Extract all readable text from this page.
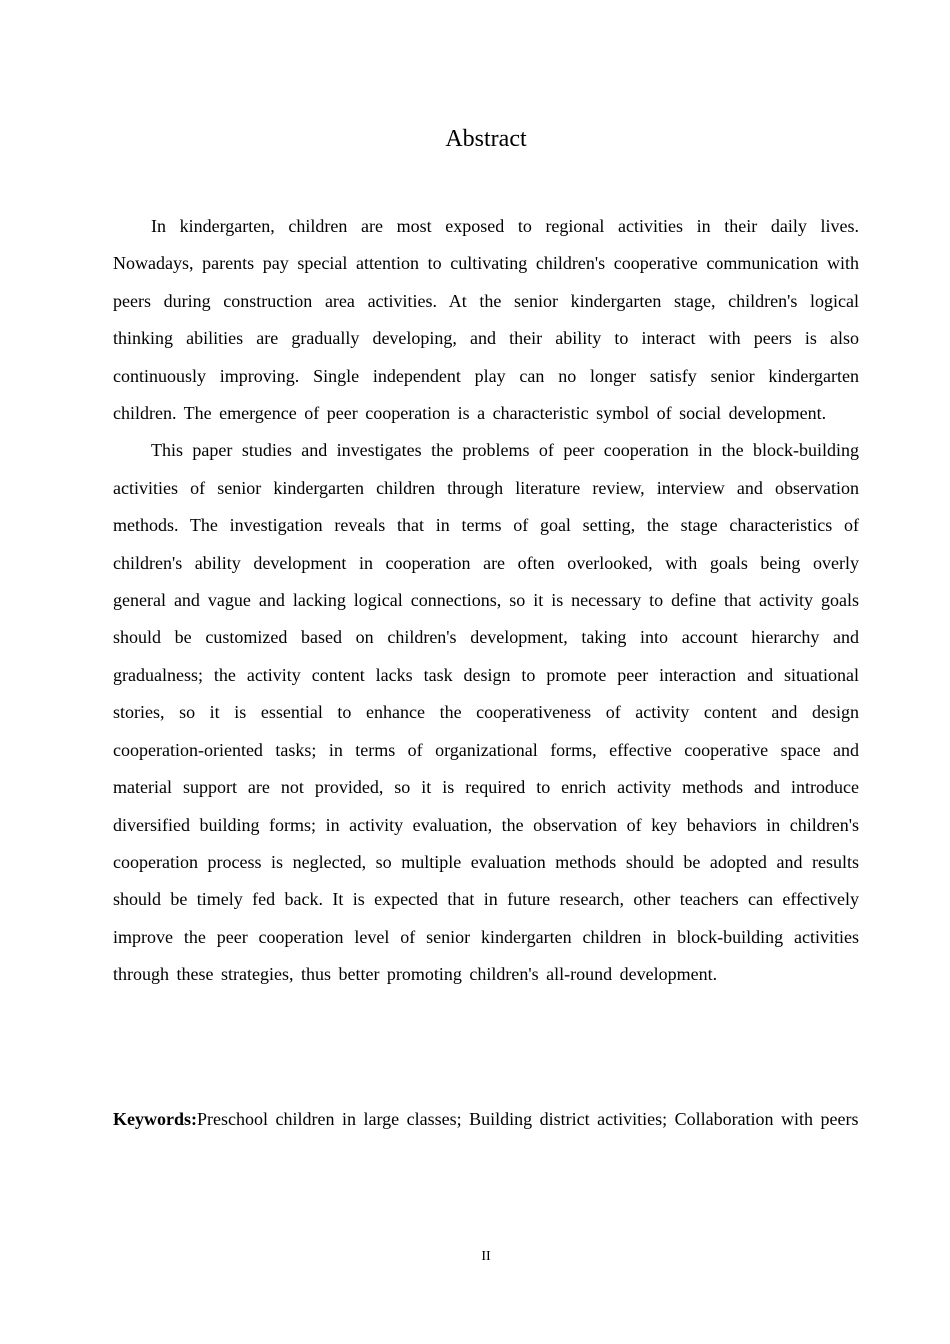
Abstract

In kindergarten, children are most exposed to regional activities in their daily lives. Nowadays, parents pay special attention to cultivating children's cooperative communication with peers during construction area activities. At the senior kindergarten stage, children's logical thinking abilities are gradually developing, and their ability to interact with peers is also continuously improving. Single independent play can no longer satisfy senior kindergarten children. The emergence of peer cooperation is a characteristic symbol of social development.

This paper studies and investigates the problems of peer cooperation in the block-building activities of senior kindergarten children through literature review, interview and observation methods. The investigation reveals that in terms of goal setting, the stage characteristics of children's ability development in cooperation are often overlooked, with goals being overly general and vague and lacking logical connections, so it is necessary to define that activity goals should be customized based on children's development, taking into account hierarchy and gradualness; the activity content lacks task design to promote peer interaction and situational stories, so it is essential to enhance the cooperativeness of activity content and design cooperation-oriented tasks; in terms of organizational forms, effective cooperative space and material support are not provided, so it is required to enrich activity methods and introduce diversified building forms; in activity evaluation, the observation of key behaviors in children's cooperation process is neglected, so multiple evaluation methods should be adopted and results should be timely fed back. It is expected that in future research, other teachers can effectively improve the peer cooperation level of senior kindergarten children in block-building activities through these strategies, thus better promoting children's all-round development.

Keywords:Preschool children in large classes; Building district activities; Collaboration with peers

II
